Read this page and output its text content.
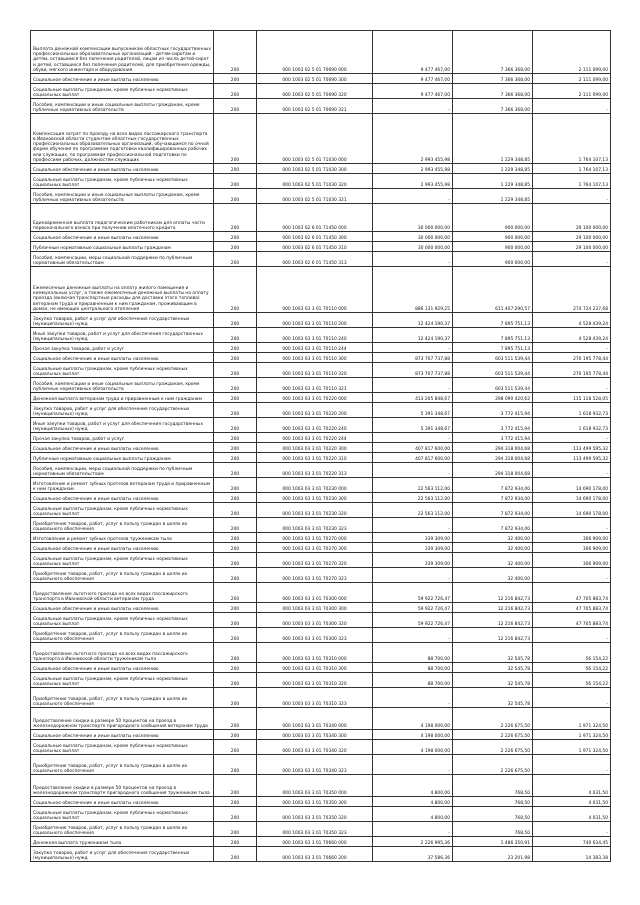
Выплата денежной компенсации выпускникам областных государственных профессиональных образовательных организаций - детям-сиротам и детям, оставшимся без попечения родителей, лицам из числа детей-сирот и детей, оставшихся без попечения родителей, для приобретения одежды, обуви, мягкого инвентаря и оборудования	200	000 1003 02 5 01 70690 000	9 477 467,00	7 366 368,00	2 111 099,00
Социальное обеспечение и иные выплаты населению	200	000 1003 02 5 01 70690 300	9 477 467,00	7 366 368,00	2 111 099,00
Социальные выплаты гражданам, кроме публичных нормативных социальных выплат	200	000 1003 02 5 01 70690 320	9 477 467,00	7 366 368,00	2 111 099,00
Пособия, компенсации и иные социальные выплаты гражданам, кроме публичных нормативных обязательств	200	000 1003 02 5 01 70690 321	-	7 366 368,00	-
Компенсация затрат по проезду на всех видах пассажирского транспорта в Ивановской области студентам областных государственных профессиональных образовательных организаций, обучающимся по очной форме обучения по программам подготовки квалифицированных рабочих или служащих, по программам профессиональной подготовки по профессиям рабочих, должностям служащих	200	000 1003 02 5 01 71030 000	2 993 455,98	1 229 348,85	1 764 107,13
Социальное обеспечение и иные выплаты населению	200	000 1003 02 5 01 71030 300	2 993 455,98	1 229 348,85	1 764 107,13
Социальные выплаты гражданам, кроме публичных нормативных социальных выплат	200	000 1003 02 5 01 71030 320	2 993 455,98	1 229 348,85	1 764 107,13
Пособия, компенсации и иные социальные выплаты гражданам, кроме публичных нормативных обязательств	200	000 1003 02 5 01 71030 321	-	1 229 348,85	-
Единовременная выплата педагогическим работникам для оплаты части первоначального взноса при получении ипотечного кредита	200	000 1003 02 6 01 71450 000	30 000 000,00	900 000,00	29 100 000,00
Социальное обеспечение и иные выплаты населению	200	000 1003 02 6 01 71450 300	30 000 000,00	900 000,00	29 100 000,00
Публичные нормативные социальные выплаты гражданам	200	000 1003 02 6 01 71450 310	30 000 000,00	900 000,00	29 100 000,00
Пособия, компенсации, меры социальной поддержки по публичным нормативным обязательствам	200	000 1003 02 6 01 71450 313	-	900 000,00	-
Ежемесячные денежные выплаты на оплату жилого помещения и коммунальных услуг, а также ежемесячные денежные выплаты на оплату проезда (включая транспортные расходы для доставки этого топлива) ветеранам труда и приравненным к ним гражданам, проживающим в домах, не имеющих центрального отопления	200	000 1003 03 3 01 70110 000	886 131 929,25	611 407 290,57	274 724 237,68
Закупка товаров, работ и услуг для обеспечения государственных (муниципальных) нужд	200	000 1003 03 3 01 70110 200	12 424 190,37	7 895 751,13	4 528 439,24
Иные закупки товаров, работ и услуг для обеспечения государственных (муниципальных) нужд	200	000 1003 03 3 01 70110 240	12 424 190,37	7 895 751,13	4 528 439,24
Прочая закупка товаров, работ и услуг	200	000 1003 03 3 01 70110 244	-	7 895 751,13	-
Социальное обеспечение и иные выплаты населению	200	000 1003 03 3 01 70110 300	873 707 737,88	603 511 539,44	270 195 778,44
Социальные выплаты гражданам, кроме публичных нормативных социальных выплат	200	000 1003 03 3 01 70110 320	873 707 737,88	603 511 539,44	270 195 778,44
Пособия, компенсации и иные социальные выплаты гражданам, кроме публичных нормативных обязательств	200	000 1003 03 3 01 70110 321	-	603 511 539,44	-
Денежная выплата ветеранам труда и приравненным к ним гражданам	200	000 1003 03 3 01 70220 000	413 205 848,67	298 090 420,62	115 118 528,05
Закупка товаров, работ и услуг для обеспечения государственных (муниципальных) нужд	200	000 1003 03 3 01 70220 200	5 391 348,67	3 772 415,94	1 618 932,73
Иные закупки товаров, работ и услуг для обеспечения государственных (муниципальных) нужд	200	000 1003 03 3 01 70220 240	5 391 348,67	3 772 415,94	1 618 932,73
Прочая закупка товаров, работ и услуг	200	000 1003 03 3 01 70220 244	-	3 772 415,94	-
Социальное обеспечение и иные выплаты населению	200	000 1003 03 3 01 70220 300	407 817 600,00	294 318 004,68	113 499 595,32
Публичные нормативные социальные выплаты гражданам	200	000 1003 03 3 01 70220 310	407 817 600,00	294 318 004,68	113 499 595,32
Пособия, компенсации, меры социальной поддержки по публичным нормативным обязательствам	200	000 1003 03 3 01 70220 313	-	294 318 004,68	-
Изготовление и ремонт зубных протезов ветеранам труда и приравненным к ним гражданам	200	000 1003 03 3 01 70230 000	22 563 112,00	7 872 934,00	14 690 178,00
Социальное обеспечение и иные выплаты населению	200	000 1003 03 3 01 70230 300	22 563 112,00	7 872 934,00	14 690 178,00
Социальные выплаты гражданам, кроме публичных нормативных социальных выплат	200	000 1003 03 3 01 70230 320	22 563 112,00	7 872 934,00	14 690 178,00
Приобретение товаров, работ, услуг в пользу граждан в целях их социального обеспечения	200	000 1003 03 3 01 70230 323	-	7 872 934,00	-
Изготовление и ремонт зубных протезов труженикам тыла	200	000 1003 03 3 01 70270 000	339 309,00	32 400,00	306 909,00
Социальное обеспечение и иные выплаты населению	200	000 1003 03 3 01 70270 300	339 309,00	32 400,00	306 909,00
Социальные выплаты гражданам, кроме публичных нормативных социальных выплат	200	000 1003 03 3 01 70270 320	339 309,00	32 400,00	306 909,00
Приобретение товаров, работ, услуг в пользу граждан в целях их социального обеспечения	200	000 1003 03 3 01 70270 323	-	32 400,00	-
Предоставление льготного проезда на всех видах пассажирского транспорта в Ивановской области ветеранам труда	200	000 1003 03 3 01 70300 000	59 922 726,47	12 216 842,73	47 705 883,74
Социальное обеспечение и иные выплаты населению	200	000 1003 03 3 01 70300 300	59 922 726,47	12 216 842,73	47 705 883,74
Социальные выплаты гражданам, кроме публичных нормативных социальных выплат	200	000 1003 03 3 01 70300 320	59 922 726,47	12 216 842,73	47 705 883,74
Приобретение товаров, работ, услуг в пользу граждан в целях их социального обеспечения	200	000 1003 03 3 01 70300 323	-	12 216 842,73	-
Предоставление льготного проезда на всех видах пассажирского транспорта в Ивановской области труженикам тыла	200	000 1003 03 3 01 70310 000	88 700,00	32 545,78	56 154,22
Социальное обеспечение и иные выплаты населению	200	000 1003 03 3 01 70310 300	88 700,00	32 545,78	56 154,22
Социальные выплаты гражданам, кроме публичных нормативных социальных выплат	200	000 1003 03 3 01 70310 320	88 700,00	32 545,78	56 154,22
Приобретение товаров, работ, услуг в пользу граждан в целях их социального обеспечения	200	000 1003 03 3 01 70310 323	-	32 545,78	-
Предоставление скидки в размере 50 процентов на проезд в железнодорожном транспорте пригородного сообщения ветеранам труда	200	000 1003 03 3 01 70340 000	4 198 000,00	2 226 675,50	1 971 324,50
Социальное обеспечение и иные выплаты населению	200	000 1003 03 3 01 70340 300	4 198 000,00	2 226 675,50	1 971 324,50
Социальные выплаты гражданам, кроме публичных нормативных социальных выплат	200	000 1003 03 3 01 70340 320	4 198 000,00	2 226 675,50	1 971 324,50
Приобретение товаров, работ, услуг в пользу граждан в целях их социального обеспечения	200	000 1003 03 3 01 70340 323	-	2 226 675,50	-
Предоставление скидки в размере 50 процентов на проезд в железнодорожном транспорте пригородного сообщения труженикам тыла	200	000 1003 03 3 01 70350 000	4 800,00	768,50	4 031,50
Социальное обеспечение и иные выплаты населению	200	000 1003 03 3 01 70350 300	4 800,00	768,50	4 031,50
Социальные выплаты гражданам, кроме публичных нормативных социальных выплат	200	000 1003 03 3 01 70350 320	4 800,00	768,50	4 031,50
Приобретение товаров, работ, услуг в пользу граждан в целях их социального обеспечения	200	000 1003 03 3 01 70350 323	-	768,50	-
Денежная выплата труженикам тыла	200	000 1003 03 3 01 70660 000	2 226 995,36	1 486 350,91	740 634,45
Закупка товаров, работ и услуг для обеспечения государственных (муниципальных) нужд	200	000 1003 03 3 01 70660 200	37 586,36	23 201,98	14 383,38
